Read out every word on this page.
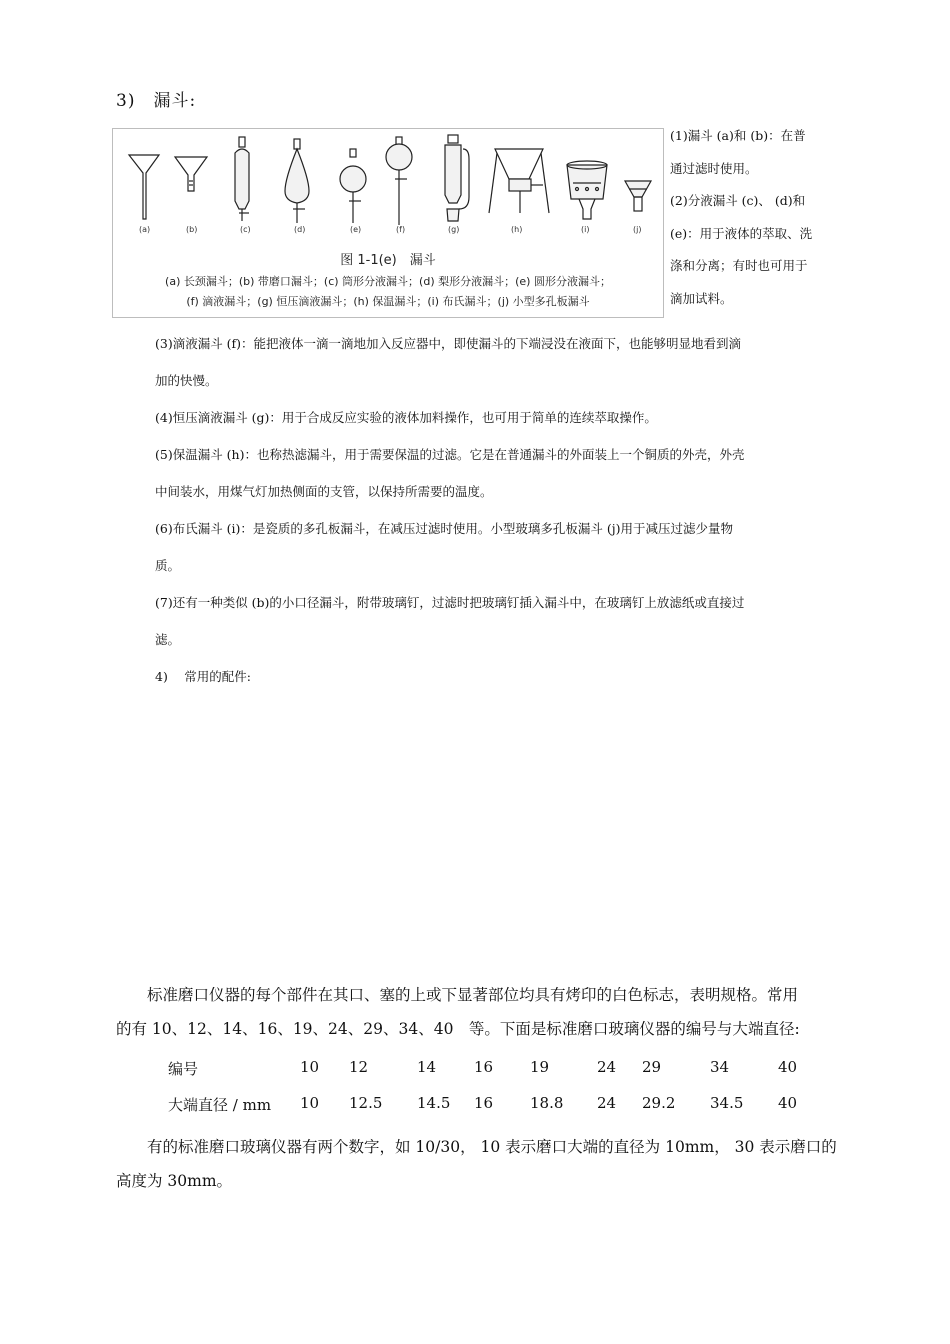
3)　漏斗:
(a)	(b)	(c)	(d)	(e)	(f)	(g)	(h)	(i)	(j)
图 1-1(e)　漏斗
(a) 长颈漏斗；(b) 带磨口漏斗；(c) 筒形分液漏斗；(d) 梨形分液漏斗；(e) 圆形分液漏斗；
(f) 滴液漏斗；(g) 恒压滴液漏斗；(h) 保温漏斗；(i) 布氏漏斗；(j) 小型多孔板漏斗

(1)漏斗 (a)和 (b)：在普

通过滤时使用。

(2)分液漏斗 (c)、 (d)和

(e)：用于液体的萃取、洗

涤和分离；有时也可用于

滴加试料。

(3)滴液漏斗 (f)：能把液体一滴一滴地加入反应器中，即使漏斗的下端浸没在液面下，也能够明显地看到滴

加的快慢。

(4)恒压滴液漏斗 (g)：用于合成反应实验的液体加料操作，也可用于简单的连续萃取操作。

(5)保温漏斗 (h)：也称热滤漏斗，用于需要保温的过滤。它是在普通漏斗的外面装上一个铜质的外壳，外壳

中间装水，用煤气灯加热侧面的支管，以保持所需要的温度。

(6)布氏漏斗 (i)：是瓷质的多孔板漏斗，在减压过滤时使用。小型玻璃多孔板漏斗 (j)用于减压过滤少量物

质。

(7)还有一种类似 (b)的小口径漏斗，附带玻璃钉，过滤时把玻璃钉插入漏斗中，在玻璃钉上放滤纸或直接过

滤。

4)　 常用的配件:

　　标准磨口仪器的每个部件在其口、塞的上或下显著部位均具有烤印的白色标志，表明规格。常用

的有 10、12、14、16、19、24、29、34、40　等。下面是标准磨口玻璃仪器的编号与大端直径:

编号	10 12	14	16 19	24 29	34	40
大端直径 / mm 10 12.5 14.5 16 18.8 24 29.2 34.5 40

　　有的标准磨口玻璃仪器有两个数字，如 10/30， 10 表示磨口大端的直径为 10mm， 30 表示磨口的

高度为 30mm。
